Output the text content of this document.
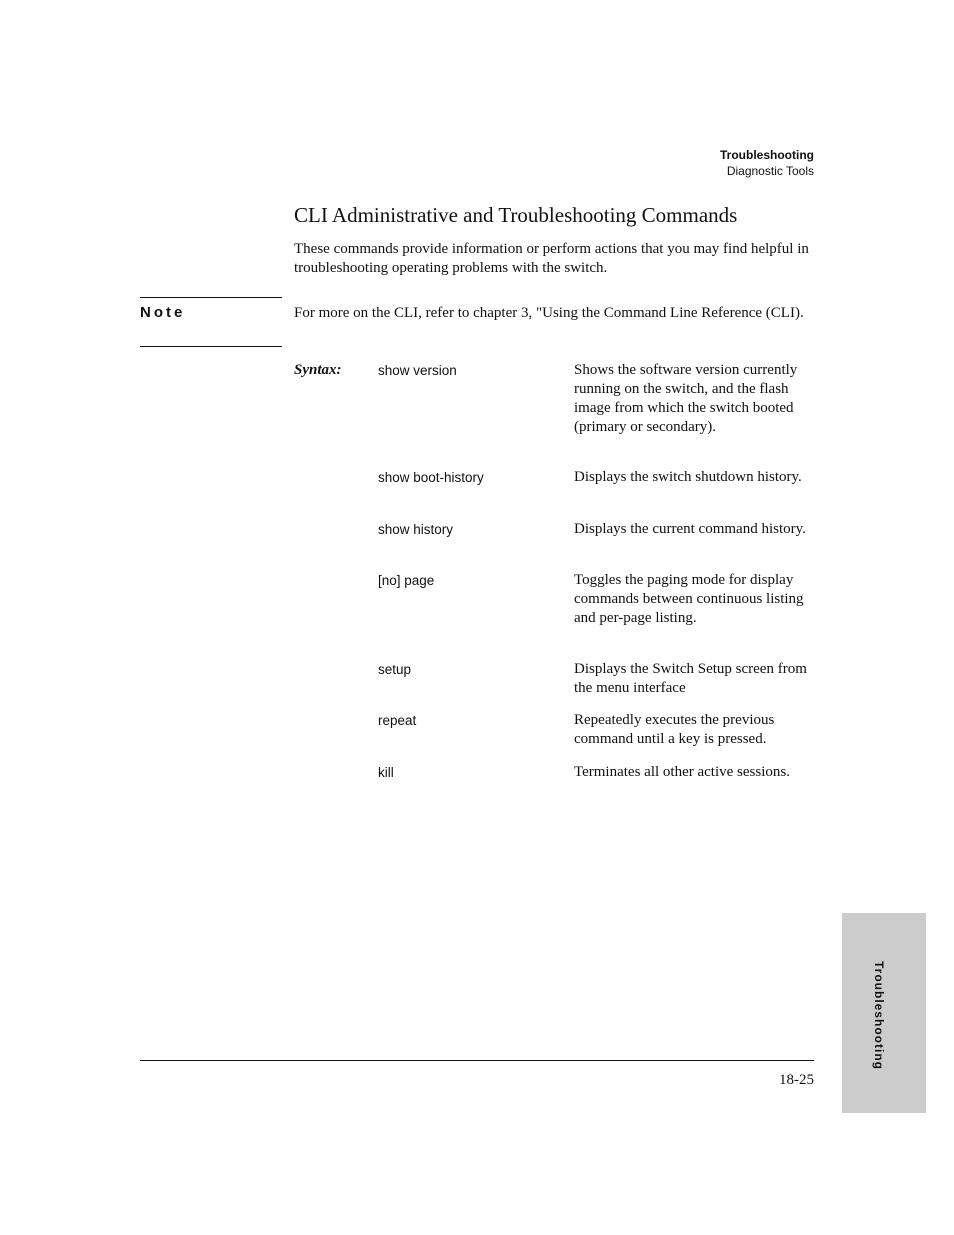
Troubleshooting
Diagnostic Tools
CLI Administrative and Troubleshooting Commands

These commands provide information or perform actions that you may find helpful in troubleshooting operating problems with the switch.

Note	For more on the CLI, refer to chapter 3, "Using the Command Line Reference (CLI).

Syntax:	show version	Shows the software version currently running on the switch, and the flash image from which the switch booted (primary or secondary).
show boot-history	Displays the switch shutdown history.
show history	Displays the current command history.
[no] page	Toggles the paging mode for display commands between continuous listing and per-page listing.
setup	Displays the Switch Setup screen from the menu interface
repeat	Repeatedly executes the previous command until a key is pressed.
kill	Terminates all other active sessions.
18-25
Troubleshooting
